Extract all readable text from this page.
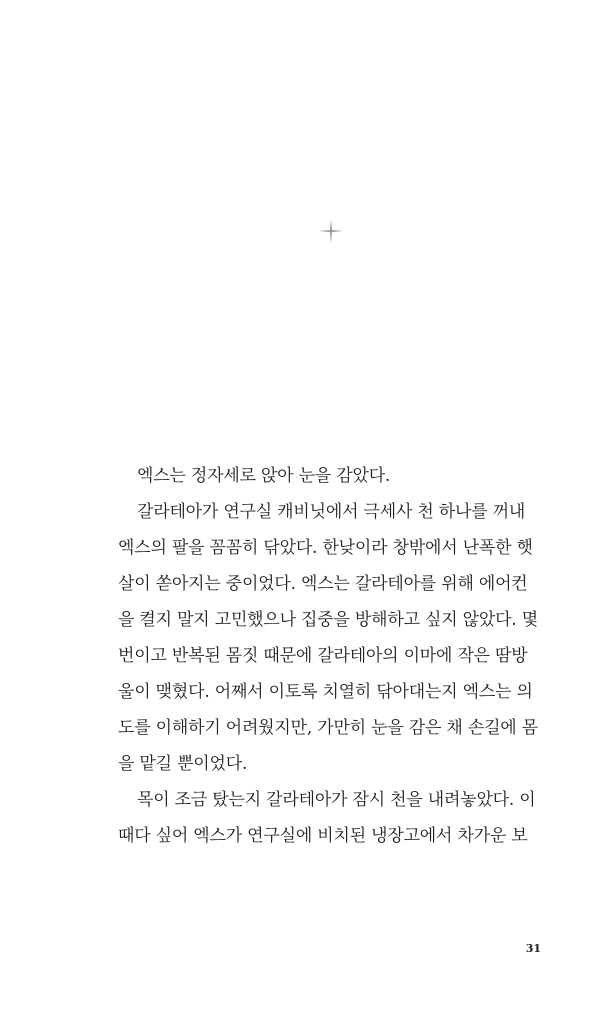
엑스는 정자세로 앉아 눈을 감았다.
갈라테아가 연구실 캐비닛에서 극세사 천 하나를 꺼내
엑스의 팔을 꼼꼼히 닦았다. 한낮이라 창밖에서 난폭한 햇
살이 쏟아지는 중이었다. 엑스는 갈라테아를 위해 에어컨
을 켤지 말지 고민했으나 집중을 방해하고 싶지 않았다. 몇
번이고 반복된 몸짓 때문에 갈라테아의 이마에 작은 땀방
울이 맺혔다. 어째서 이토록 치열히 닦아대는지 엑스는 의
도를 이해하기 어려웠지만, 가만히 눈을 감은 채 손길에 몸
을 맡길 뿐이었다.
목이 조금 탔는지 갈라테아가 잠시 천을 내려놓았다. 이
때다 싶어 엑스가 연구실에 비치된 냉장고에서 차가운 보
31
